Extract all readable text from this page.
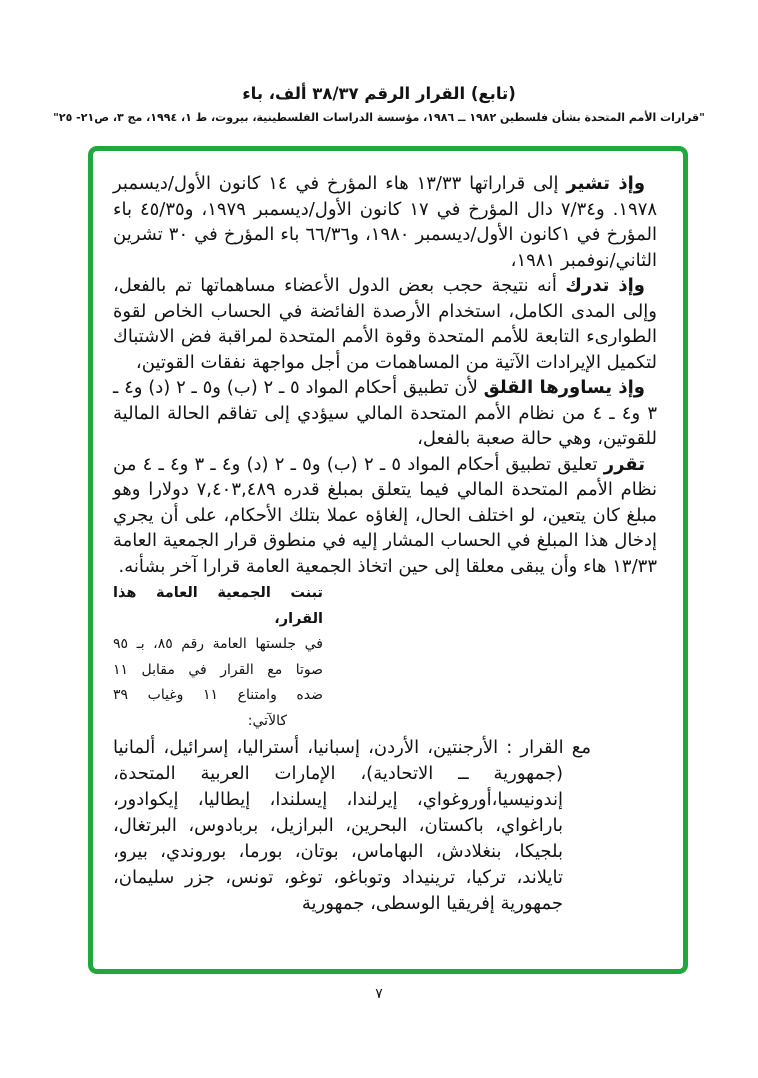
(تابع) القرار الرقم ٣٨/٣٧ ألف، باء
"قرارات الأمم المتحدة بشأن فلسطين ١٩٨٢ ــ ١٩٨٦، مؤسسة الدراسات الفلسطينية، بيروت، ط ١، ١٩٩٤، مج ٣، ص٢١- ٢٥"

وإذ تشير إلى قراراتها ١٣/٣٣ هاء المؤرخ في ١٤ كانون الأول/ديسمبر ١٩٧٨. و٧/٣٤ دال المؤرخ في ١٧ كانون الأول/ديسمبر ١٩٧٩، و٤٥/٣٥ باء المؤرخ في ١كانون الأول/ديسمبر ١٩٨٠، و٦٦/٣٦ باء المؤرخ في ٣٠ تشرين الثاني/نوفمبر ١٩٨١،

وإذ تدرك أنه نتيجة حجب بعض الدول الأعضاء مساهماتها تم بالفعل، وإلى المدى الكامل، استخدام الأرصدة الفائضة في الحساب الخاص لقوة الطوارىء التابعة للأمم المتحدة وقوة الأمم المتحدة لمراقبة فض الاشتباك لتكميل الإيرادات الآتية من المساهمات من أجل مواجهة نفقات القوتين،

وإذ يساورها القلق لأن تطبيق أحكام المواد ٥ ـ ٢ (ب) و٥ ـ ٢ (د) و٤ ـ ٣ و٤ ـ ٤ من نظام الأمم المتحدة المالي سيؤدي إلى تفاقم الحالة المالية للقوتين، وهي حالة صعبة بالفعل،

تقرر تعليق تطبيق أحكام المواد ٥ ـ ٢ (ب) و٥ ـ ٢ (د) و٤ ـ ٣ و٤ ـ ٤ من نظام الأمم المتحدة المالي فيما يتعلق بمبلغ قدره ٧,٤٠٣,٤٨٩ دولارا وهو مبلغ كان يتعين، لو اختلف الحال، إلغاؤه عملا بتلك الأحكام، على أن يجري إدخال هذا المبلغ في الحساب المشار إليه في منطوق قرار الجمعية العامة ١٣/٣٣ هاء وأن يبقى معلقا إلى حين اتخاذ الجمعية العامة قرارا آخر بشأنه.

تبنت الجمعية العامة هذا القرار،
في جلستها العامة رقم ٨٥، بـ ٩٥
صوتا مع القرار في مقابل ١١
ضده وامتناع ١١ وغياب ٣٩
كالآتي:

مع القرار : الأرجنتين، الأردن، إسبانيا، أستراليا، إسرائيل، ألمانيا (جمهورية ــ الاتحادية)، الإمارات العربية المتحدة، إندونيسيا،أوروغواي، إيرلندا، إيسلندا، إيطاليا، إيكوادور، باراغواي، باكستان، البحرين، البرازيل، بربادوس، البرتغال، بلجيكا، بنغلادش، البهاماس، بوتان، بورما، بوروندي، بيرو، تايلاند، تركيا، ترينيداد وتوباغو، توغو، تونس، جزر سليمان، جمهورية إفريقيا الوسطى، جمهورية

٧
